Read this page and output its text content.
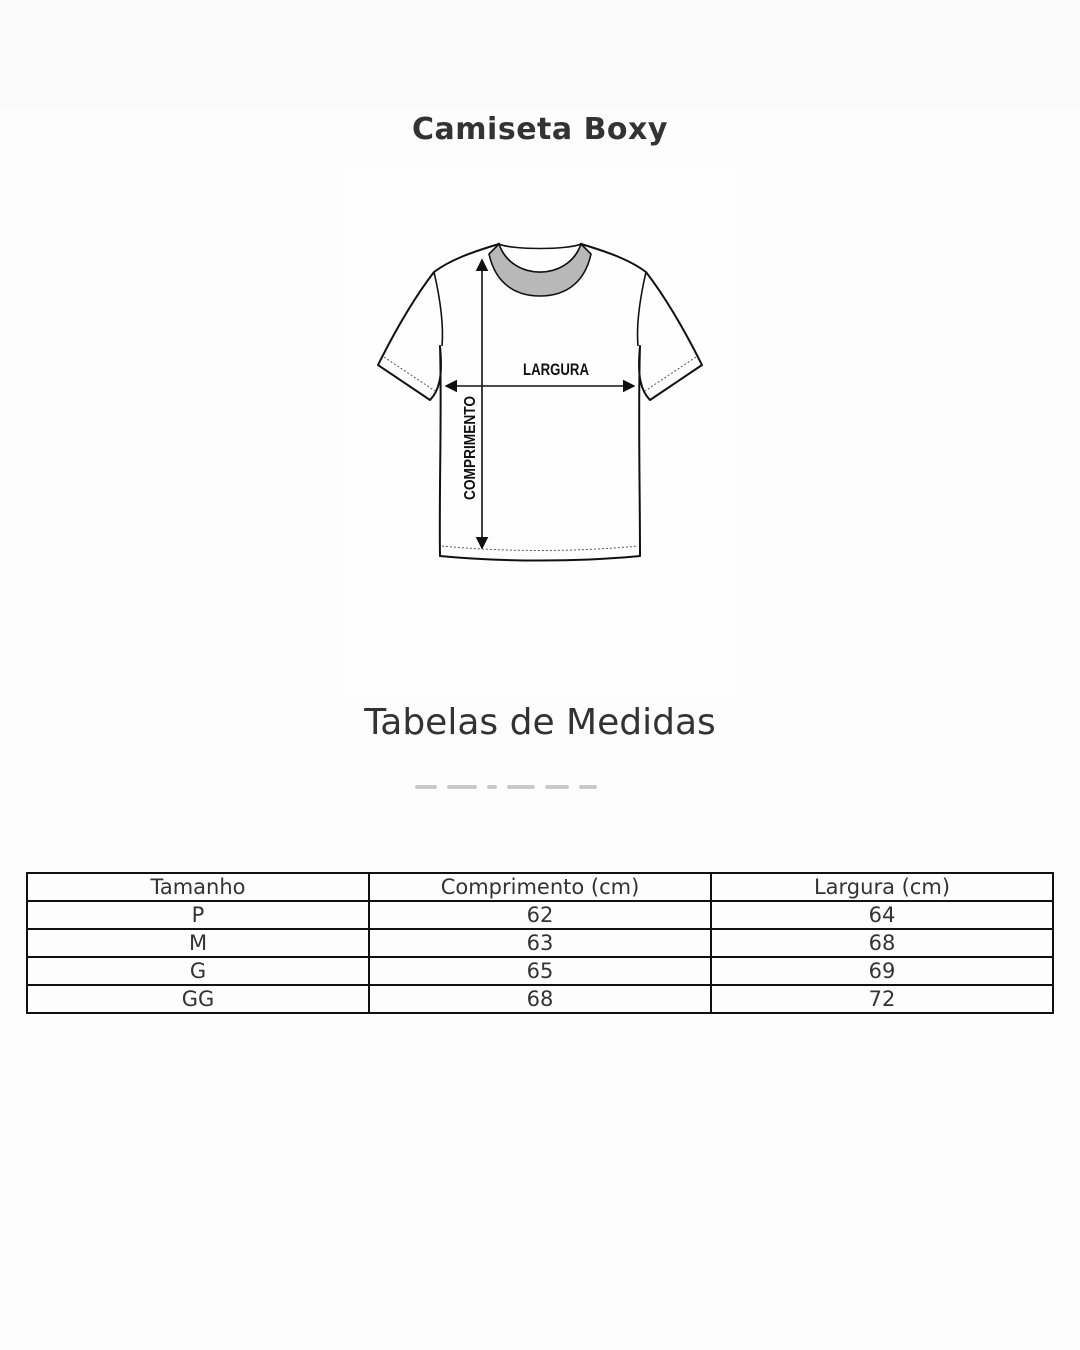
Camiseta Boxy
LARGURA
COMPRIMENTO
Tabelas de Medidas
Tamanho	Comprimento (cm)	Largura (cm)
P	62	64
M	63	68
G	65	69
GG	68	72
